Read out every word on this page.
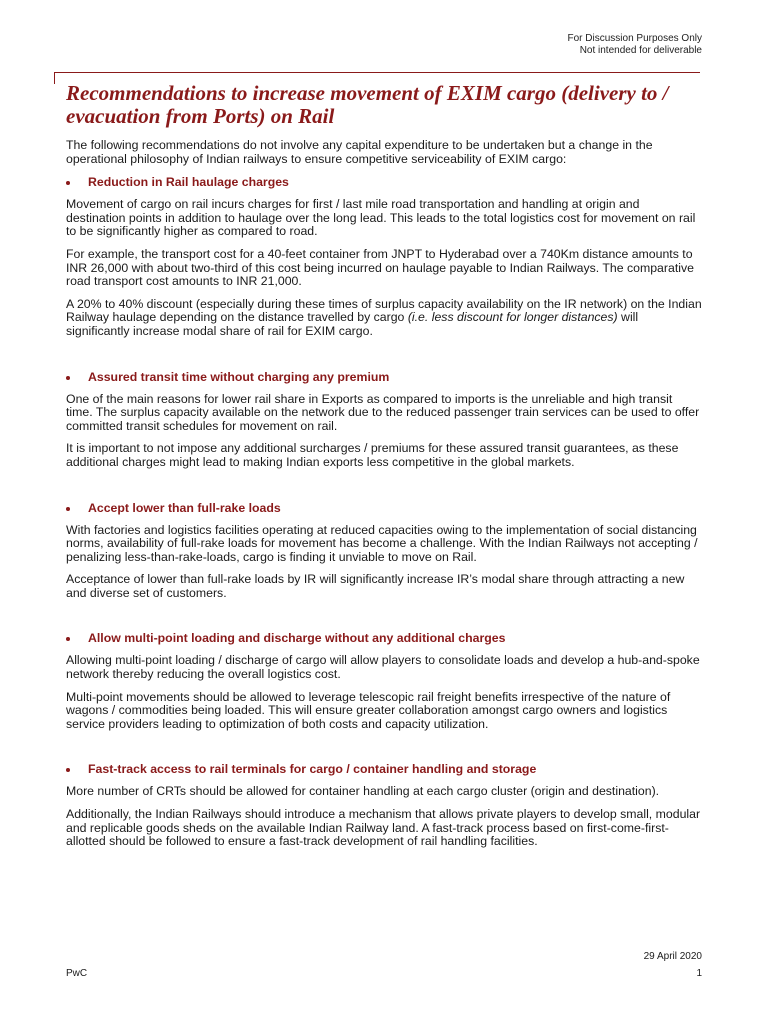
For Discussion Purposes Only
Not intended for deliverable
Recommendations to increase movement of EXIM cargo (delivery to / evacuation from Ports) on Rail

The following recommendations do not involve any capital expenditure to be undertaken but a change in the operational philosophy of Indian railways to ensure competitive serviceability of EXIM cargo:

Reduction in Rail haulage charges

Movement of cargo on rail incurs charges for first / last mile road transportation and handling at origin and destination points in addition to haulage over the long lead. This leads to the total logistics cost for movement on rail to be significantly higher as compared to road.

For example, the transport cost for a 40-feet container from JNPT to Hyderabad over a 740Km distance amounts to INR 26,000 with about two-third of this cost being incurred on haulage payable to Indian Railways. The comparative road transport cost amounts to INR 21,000.

A 20% to 40% discount (especially during these times of surplus capacity availability on the IR network) on the Indian Railway haulage depending on the distance travelled by cargo (i.e. less discount for longer distances) will significantly increase modal share of rail for EXIM cargo.

Assured transit time without charging any premium

One of the main reasons for lower rail share in Exports as compared to imports is the unreliable and high transit time. The surplus capacity available on the network due to the reduced passenger train services can be used to offer committed transit schedules for movement on rail.

It is important to not impose any additional surcharges / premiums for these assured transit guarantees, as these additional charges might lead to making Indian exports less competitive in the global markets.

Accept lower than full-rake loads

With factories and logistics facilities operating at reduced capacities owing to the implementation of social distancing norms, availability of full-rake loads for movement has become a challenge. With the Indian Railways not accepting / penalizing less-than-rake-loads, cargo is finding it unviable to move on Rail.

Acceptance of lower than full-rake loads by IR will significantly increase IR’s modal share through attracting a new and diverse set of customers.

Allow multi-point loading and discharge without any additional charges

Allowing multi-point loading / discharge of cargo will allow players to consolidate loads and develop a hub-and-spoke network thereby reducing the overall logistics cost.

Multi-point movements should be allowed to leverage telescopic rail freight benefits irrespective of the nature of wagons / commodities being loaded. This will ensure greater collaboration amongst cargo owners and logistics service providers leading to optimization of both costs and capacity utilization.

Fast-track access to rail terminals for cargo / container handling and storage

More number of CRTs should be allowed for container handling at each cargo cluster (origin and destination).

Additionally, the Indian Railways should introduce a mechanism that allows private players to develop small, modular and replicable goods sheds on the available Indian Railway land. A fast-track process based on first-come-first-allotted should be followed to ensure a fast-track development of rail handling facilities.

29 April 2020
PwC	1
